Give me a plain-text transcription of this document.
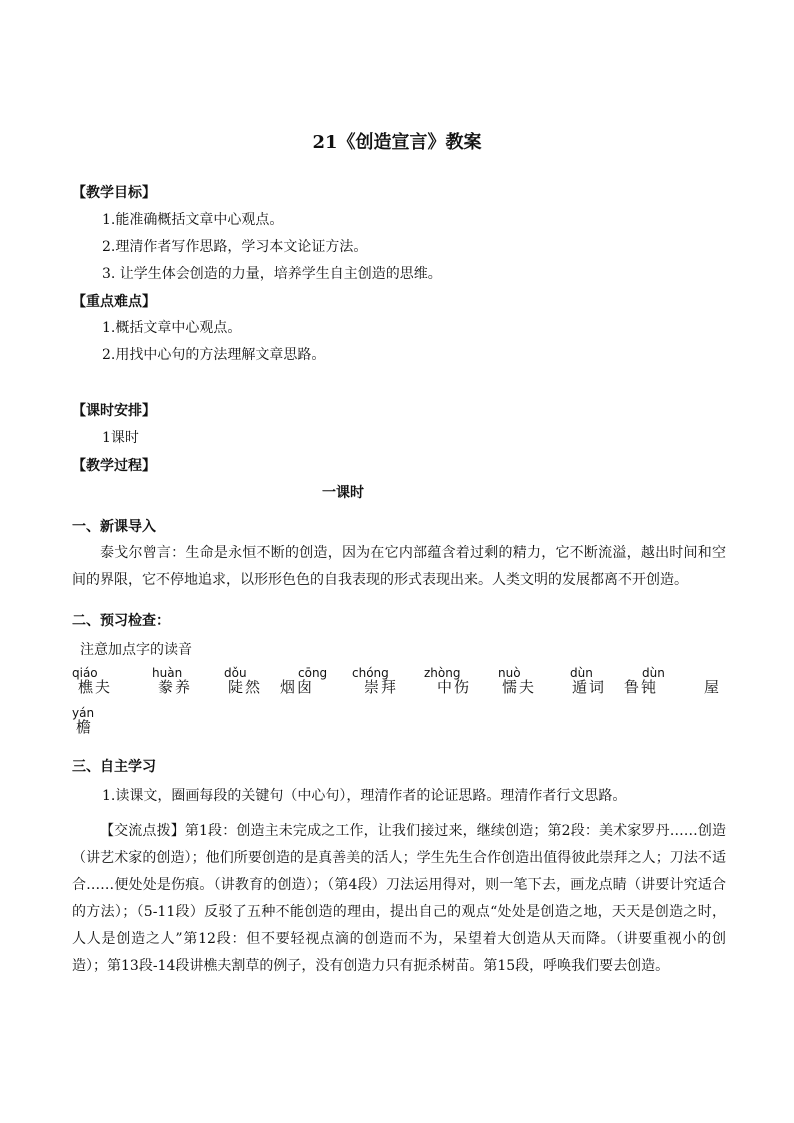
21《创造宣言》教案
【教学目标】
1.能准确概括文章中心观点。
2.理清作者写作思路，学习本文论证方法。
3. 让学生体会创造的力量，培养学生自主创造的思维。
【重点难点】
1.概括文章中心观点。
2.用找中心句的方法理解文章思路。
【课时安排】
1课时
【教学过程】
一课时
一、新课导入
泰戈尔曾言：生命是永恒不断的创造，因为在它内部蕴含着过剩的精力，它不断流溢，越出时间和空间的界限，它不停地追求，以形形色色的自我表现的形式表现出来。人类文明的发展都离不开创造。
二、预习检查：
注意加点字的读音
qiáo
樵夫
huàn
豢养
dǒu
陡然
cōng
烟囱
chóng
崇拜
zhòng
中伤
nuò
懦夫
dùn
遁词
dùn
鲁钝
yán
屋
檐
三、自主学习
1.读课文，圈画每段的关键句（中心句），理清作者的论证思路。理清作者行文思路。
【交流点拨】第1段：创造主未完成之工作，让我们接过来，继续创造；第2段：美术家罗丹……创造（讲艺术家的创造）；他们所要创造的是真善美的活人；学生先生合作创造出值得彼此崇拜之人；刀法不适合……便处处是伤痕。（讲教育的创造）；（第4段）刀法运用得对，则一笔下去，画龙点睛（讲要计究适合的方法）；（5-11段）反驳了五种不能创造的理由，提出自己的观点“处处是创造之地，天天是创造之时，人人是创造之人”第12段：但不要轻视点滴的创造而不为，呆望着大创造从天而降。（讲要重视小的创造）；第13段-14段讲樵夫割草的例子，没有创造力只有扼杀树苗。第15段，呼唤我们要去创造。
